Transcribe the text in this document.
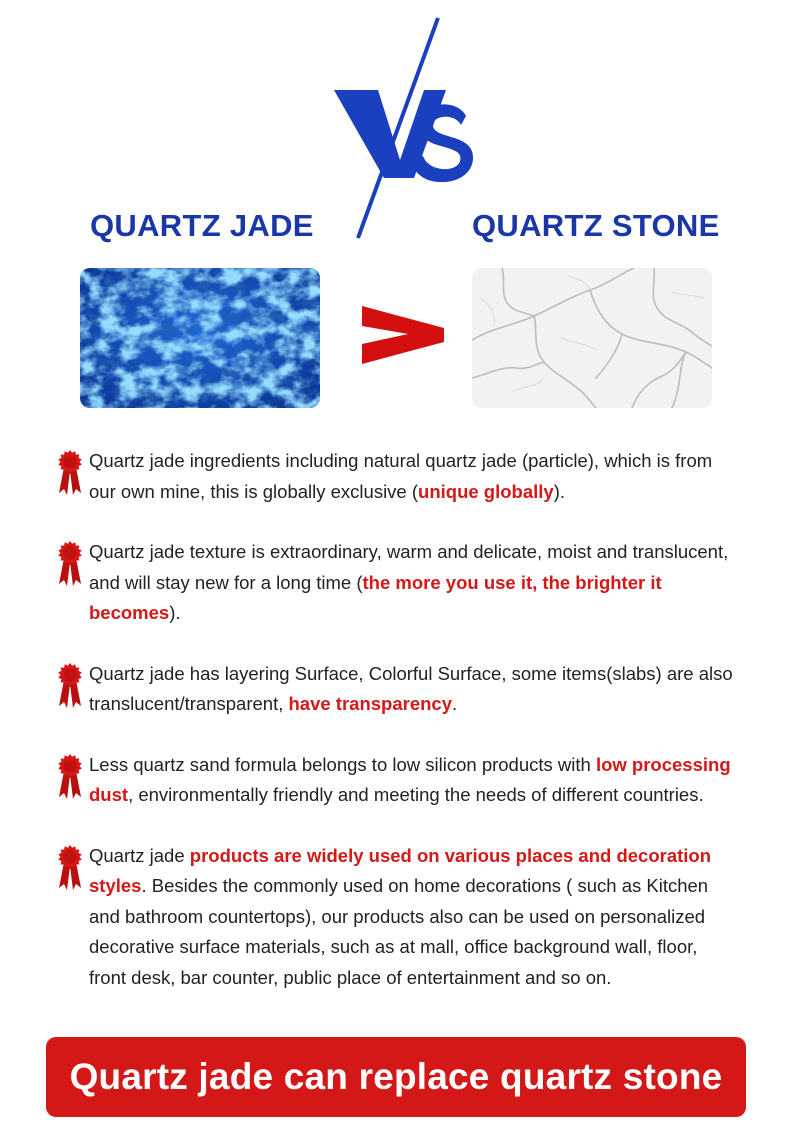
QUARTZ JADE	QUARTZ STONE

Quartz jade ingredients including natural quartz jade (particle), which is from our own mine, this is globally exclusive (unique globally).

Quartz jade texture is extraordinary, warm and delicate, moist and translucent, and will stay new for a long time (the more you use it, the brighter it becomes).

Quartz jade has layering Surface, Colorful Surface, some items(slabs) are also translucent/transparent, have transparency.

Less quartz sand formula belongs to low silicon products with low processing dust, environmentally friendly and meeting the needs of different countries.

Quartz jade products are widely used on various places and decoration styles. Besides the commonly used on home decorations ( such as Kitchen and bathroom countertops), our products also can be used on personalized decorative surface materials, such as at mall, office background wall, floor, front desk, bar counter, public place of entertainment and so on.

Quartz jade can replace quartz stone
